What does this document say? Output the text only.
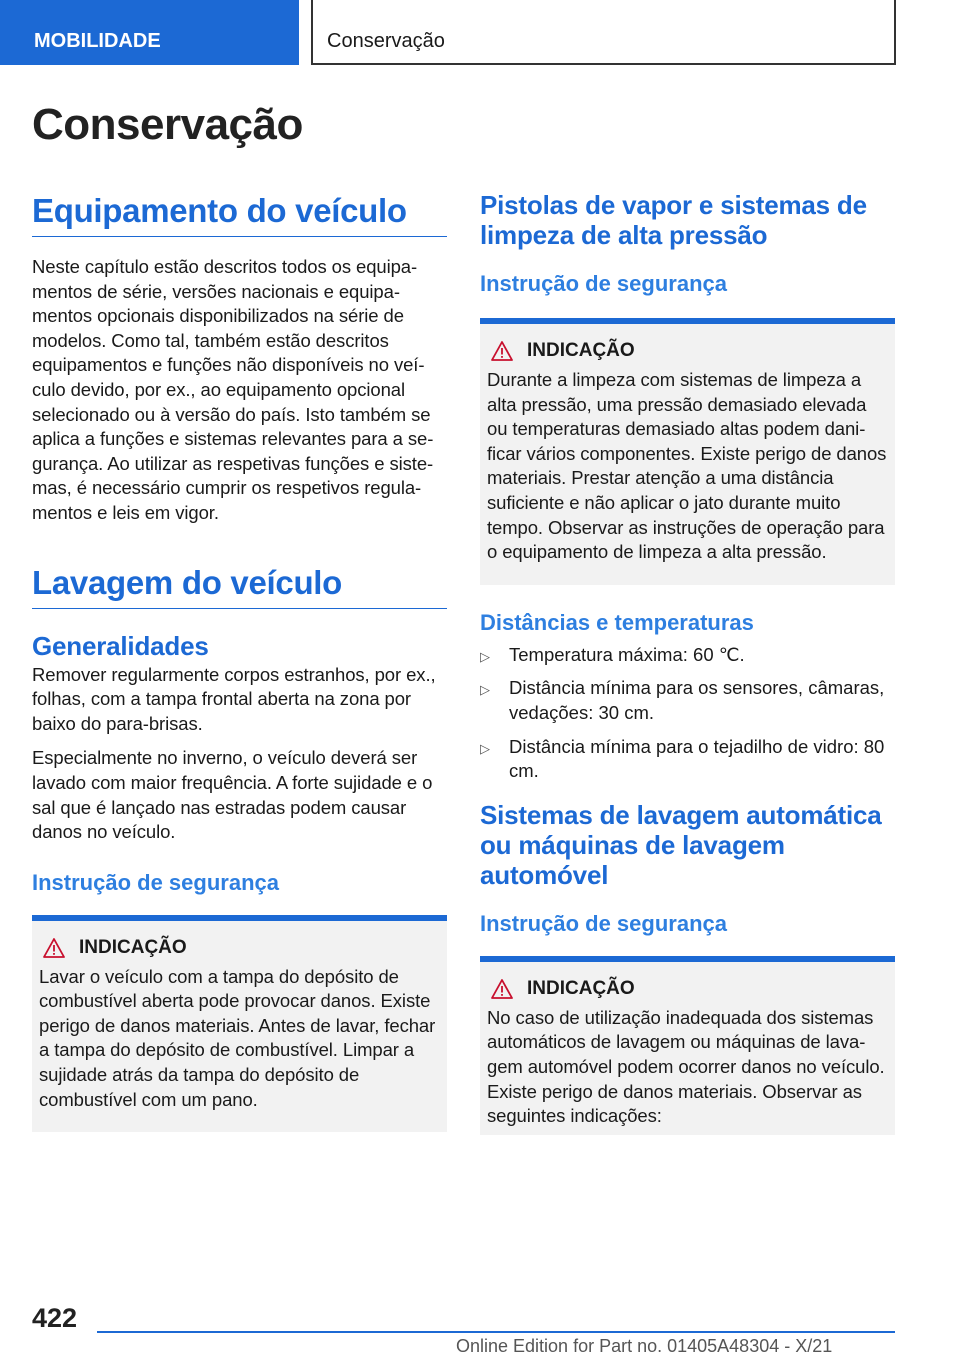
MOBILIDADE	Conservação
Conservação
Equipamento do veículo
Neste capítulo estão descritos todos os equipamentos de série, versões nacionais e equipamentos opcionais disponibilizados na série de modelos. Como tal, também estão descritos equipamentos e funções não disponíveis no veículo devido, por ex., ao equipamento opcional selecionado ou à versão do país. Isto também se aplica a funções e sistemas relevantes para a segurança. Ao utilizar as respetivas funções e sistemas, é necessário cumprir os respetivos regulamentos e leis em vigor.
Lavagem do veículo
Generalidades
Remover regularmente corpos estranhos, por ex., folhas, com a tampa frontal aberta na zona por baixo do para-brisas.
Especialmente no inverno, o veículo deverá ser lavado com maior frequência. A forte sujidade e o sal que é lançado nas estradas podem causar danos no veículo.
Instrução de segurança
INDICAÇÃO
Lavar o veículo com a tampa do depósito de combustível aberta pode provocar danos. Existe perigo de danos materiais. Antes de lavar, fechar a tampa do depósito de combustível. Limpar a sujidade atrás da tampa do depósito de combustível com um pano.
Pistolas de vapor e sistemas de limpeza de alta pressão
Instrução de segurança
INDICAÇÃO
Durante a limpeza com sistemas de limpeza a alta pressão, uma pressão demasiado elevada ou temperaturas demasiado altas podem danificar vários componentes. Existe perigo de danos materiais. Prestar atenção a uma distância suficiente e não aplicar o jato durante muito tempo. Observar as instruções de operação para o equipamento de limpeza a alta pressão.
Distâncias e temperaturas
▷ Temperatura máxima: 60 ℃.
▷ Distância mínima para os sensores, câmaras, vedações: 30 cm.
▷ Distância mínima para o tejadilho de vidro: 80 cm.
Sistemas de lavagem automática ou máquinas de lavagem automóvel
Instrução de segurança
INDICAÇÃO
No caso de utilização inadequada dos sistemas automáticos de lavagem ou máquinas de lavagem automóvel podem ocorrer danos no veículo. Existe perigo de danos materiais. Observar as seguintes indicações:
422
Online Edition for Part no. 01405A48304 - X/21
